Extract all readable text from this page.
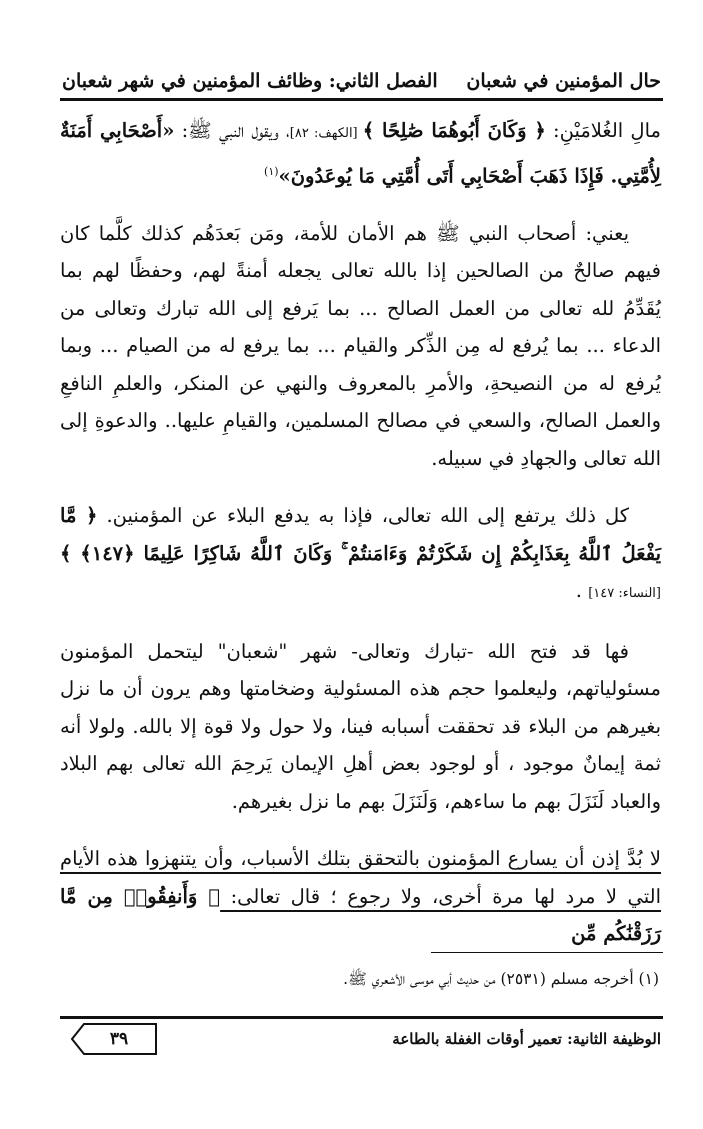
حال المؤمنين في شعبان
الفصل الثاني: وظائف المؤمنين في شهر شعبان

مالِ الغُلامَيْنِ: ﴿ وَكَانَ أَبُوهُمَا صَٰلِحًا ﴾ [الكهف: ٨٢]، ويقول النبي ﷺ: «أَصْحَابِي أَمَنَةٌ لِأُمَّتِي. فَإِذَا ذَهَبَ أَصْحَابِي أَتَى أُمَّتِي مَا يُوعَدُونَ»$^{(١)}$

يعني: أصحاب النبي ﷺ هم الأمان للأمة، ومَن بَعدَهُم كذلك كلَّما كان فيهم صالحٌ من الصالحين إذا بالله تعالى يجعله أمنةً لهم، وحفظًا لهم بما يُقَدِّمُ لله تعالى من العمل الصالح ... بما يَرفع إلى الله تبارك وتعالى من الدعاء ... بما يُرفع له مِن الذِّكر والقيام ... بما يرفع له من الصيام ... وبما يُرفع له من النصيحةِ، والأمرِ بالمعروف والنهي عن المنكر، والعلمِ النافعِ والعمل الصالح، والسعي في مصالح المسلمين، والقيامِ عليها.. والدعوةِ إلى الله تعالى والجهادِ في سبيله.

كل ذلك يرتفع إلى الله تعالى، فإذا به يدفع البلاء عن المؤمنين. ﴿ مَّا يَفْعَلُ ٱللَّهُ بِعَذَابِكُمْ إِن شَكَرْتُمْ وَءَامَنتُمْ ۚ وَكَانَ ٱللَّهُ شَاكِرًا عَلِيمًا ﴿١٤٧﴾ ﴾[النساء: ١٤٧] .

فها قد فتح الله -تبارك وتعالى- شهر "شعبان" ليتحمل المؤمنون مسئولياتهم، وليعلموا حجم هذه المسئولية وضخامتها وهم يرون أن ما نزل بغيرهم من البلاء قد تحققت أسبابه فينا، ولا حول ولا قوة إلا بالله. ولولا أنه ثمة إيمانٌ موجود ، أو لوجود بعض أهلِ الإيمان يَرحِمَ الله تعالى بهم البلاد والعباد لَنَزَلَ بهم ما ساءهم، وَلَنَزَلَ بهم ما نزل بغيرهم.

لا بُدَّ إذن أن يسارع المؤمنون بالتحقق بتلك الأسباب، وأن يتنهزوا هذه الأيام التي لا مرد لها مرة أخرى، ولا رجوع ؛ قال تعالى: ﴿ وَأَنفِقُوا۟ مِن مَّا رَزَقْنَٰكُم مِّن

(١) أخرجه مسلم (٢٥٣١) من حديث أبي موسى الأشعري ﷺ.
٣٩	الوظيفة الثانية: تعمير أوقات الغفلة بالطاعة
